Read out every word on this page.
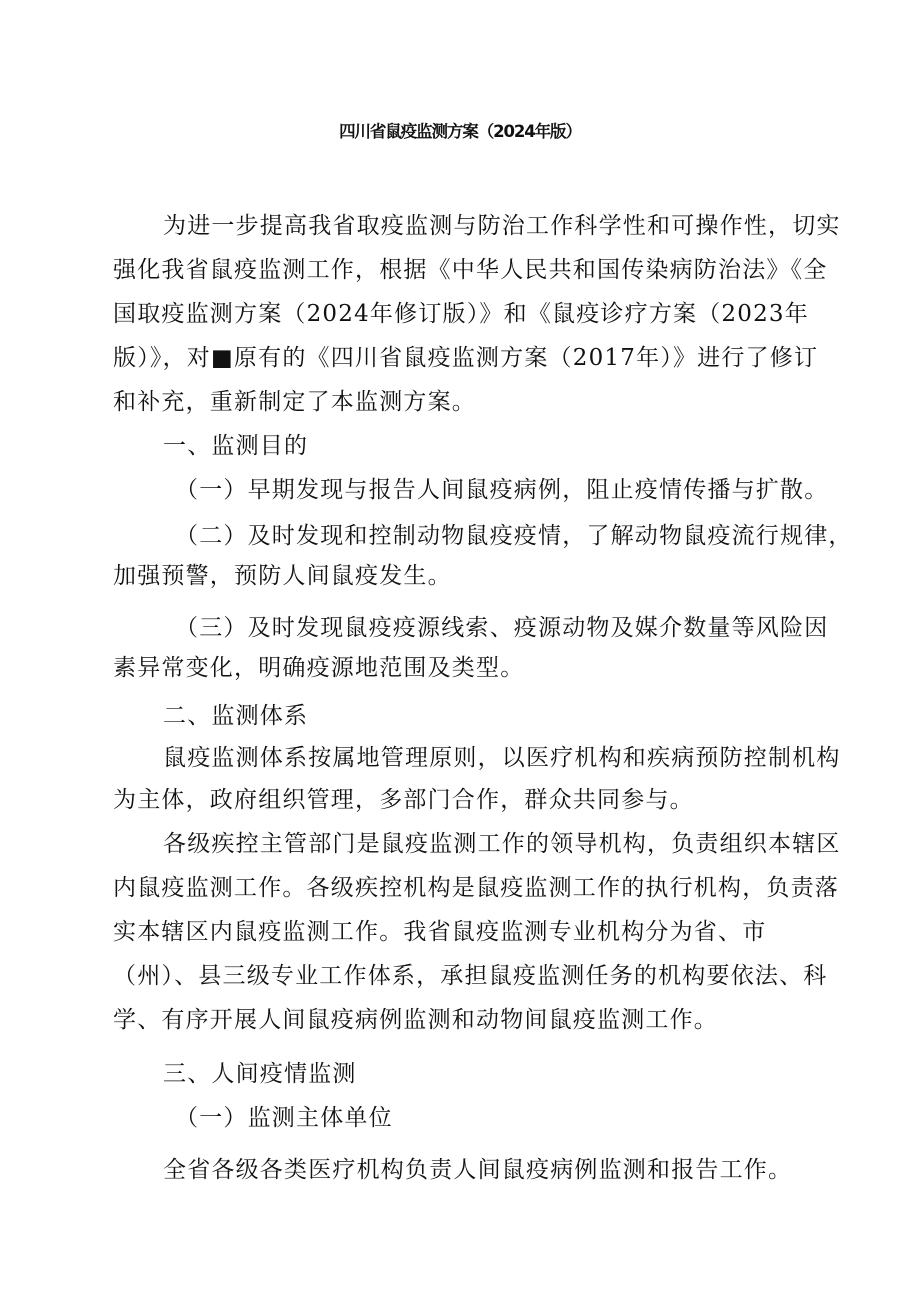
四川省鼠疫监测方案（2024年版）
为进一步提高我省取疫监测与防治工作科学性和可操作性，切实
强化我省鼠疫监测工作，根据《中华人民共和国传染病防治法》《全
国取疫监测方案（2024年修订版）》和《鼠疫诊疗方案（2023年
版）》，对■原有的《四川省鼠疫监测方案（2017年）》进行了修订
和补充，重新制定了本监测方案。
一、监测目的
（一）早期发现与报告人间鼠疫病例，阻止疫情传播与扩散。
（二）及时发现和控制动物鼠疫疫情，了解动物鼠疫流行规律，
加强预警，预防人间鼠疫发生。
（三）及时发现鼠疫疫源线索、疫源动物及媒介数量等风险因
素异常变化，明确疫源地范围及类型。
二、监测体系
鼠疫监测体系按属地管理原则，以医疗机构和疾病预防控制机构
为主体，政府组织管理，多部门合作，群众共同参与。
各级疾控主管部门是鼠疫监测工作的领导机构，负责组织本辖区
内鼠疫监测工作。各级疾控机构是鼠疫监测工作的执行机构，负责落
实本辖区内鼠疫监测工作。我省鼠疫监测专业机构分为省、市
（州）、县三级专业工作体系，承担鼠疫监测任务的机构要依法、科
学、有序开展人间鼠疫病例监测和动物间鼠疫监测工作。
三、人间疫情监测
（一）监测主体单位
全省各级各类医疗机构负责人间鼠疫病例监测和报告工作。
